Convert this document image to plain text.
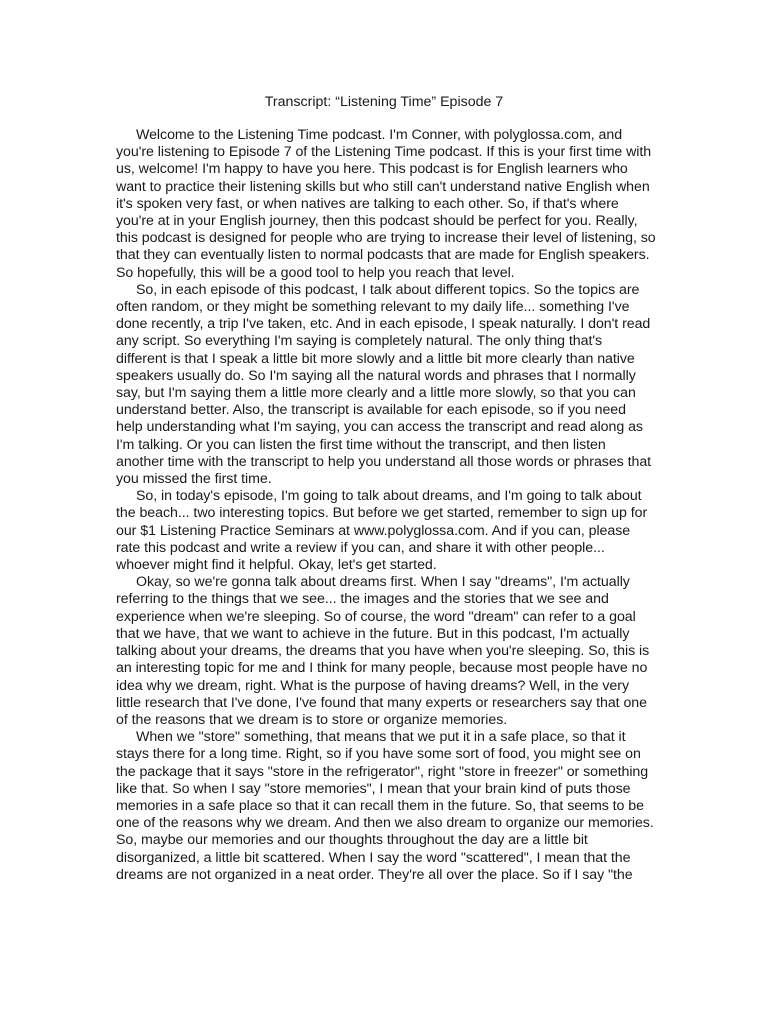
Transcript: “Listening Time” Episode 7

Welcome to the Listening Time podcast. I'm Conner, with polyglossa.com, and you're listening to Episode 7 of the Listening Time podcast. If this is your first time with us, welcome! I'm happy to have you here. This podcast is for English learners who want to practice their listening skills but who still can't understand native English when it's spoken very fast, or when natives are talking to each other. So, if that's where you're at in your English journey, then this podcast should be perfect for you. Really, this podcast is designed for people who are trying to increase their level of listening, so that they can eventually listen to normal podcasts that are made for English speakers. So hopefully, this will be a good tool to help you reach that level.

So, in each episode of this podcast, I talk about different topics. So the topics are often random, or they might be something relevant to my daily life... something I've done recently, a trip I've taken, etc. And in each episode, I speak naturally. I don't read any script. So everything I'm saying is completely natural. The only thing that's different is that I speak a little bit more slowly and a little bit more clearly than native speakers usually do. So I'm saying all the natural words and phrases that I normally say, but I'm saying them a little more clearly and a little more slowly, so that you can understand better. Also, the transcript is available for each episode, so if you need help understanding what I'm saying, you can access the transcript and read along as I'm talking. Or you can listen the first time without the transcript, and then listen another time with the transcript to help you understand all those words or phrases that you missed the first time.

So, in today's episode, I'm going to talk about dreams, and I'm going to talk about the beach... two interesting topics. But before we get started, remember to sign up for our $1 Listening Practice Seminars at www.polyglossa.com. And if you can, please rate this podcast and write a review if you can, and share it with other people... whoever might find it helpful. Okay, let's get started.

Okay, so we're gonna talk about dreams first. When I say "dreams", I'm actually referring to the things that we see... the images and the stories that we see and experience when we're sleeping. So of course, the word "dream" can refer to a goal that we have, that we want to achieve in the future. But in this podcast, I'm actually talking about your dreams, the dreams that you have when you're sleeping. So, this is an interesting topic for me and I think for many people, because most people have no idea why we dream, right. What is the purpose of having dreams? Well, in the very little research that I've done, I've found that many experts or researchers say that one of the reasons that we dream is to store or organize memories.

When we "store" something, that means that we put it in a safe place, so that it stays there for a long time. Right, so if you have some sort of food, you might see on the package that it says "store in the refrigerator", right "store in freezer" or something like that. So when I say "store memories", I mean that your brain kind of puts those memories in a safe place so that it can recall them in the future. So, that seems to be one of the reasons why we dream. And then we also dream to organize our memories. So, maybe our memories and our thoughts throughout the day are a little bit disorganized, a little bit scattered. When I say the word "scattered", I mean that the dreams are not organized in a neat order. They're all over the place. So if I say "the
